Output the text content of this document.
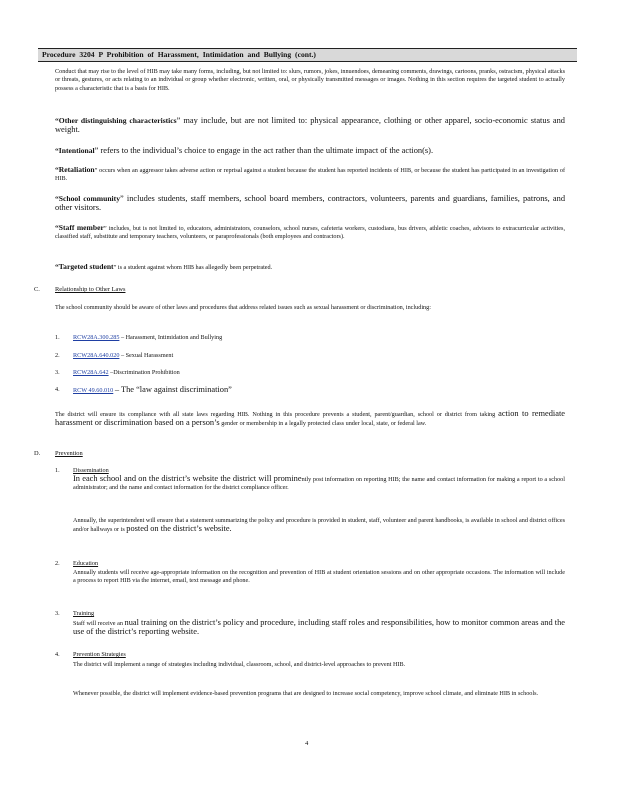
Procedure 3204 P Prohibition of Harassment, Intimidation and Bullying (cont.)

Conduct that may rise to the level of HIB may take many forms, including, but not limited to: slurs, rumors, jokes, innuendoes, demeaning comments, drawings, cartoons, pranks, ostracism, physical attacks or threats, gestures, or acts relating to an individual or group whether electronic, written, oral, or physically transmitted messages or images. Nothing in this section requires the targeted student to actually possess a characteristic that is a basis for HIB.

“Other distinguishing characteristics” may include, but are not limited to: physical appearance, clothing or other apparel, socio-economic status and weight.

“Intentional” refers to the individual’s choice to engage in the act rather than the ultimate impact of the action(s).

“Retaliation” occurs when an aggressor takes adverse action or reprisal against a student because the student has reported incidents of HIB, or because the student has participated in an investigation of HIB.

“School community” includes students, staff members, school board members, contractors, volunteers, parents and guardians, families, patrons, and other visitors.

“Staff member” includes, but is not limited to, educators, administrators, counselors, school nurses, cafeteria workers, custodians, bus drivers, athletic coaches, advisors to extracurricular activities, classified staff, substitute and temporary teachers, volunteers, or paraprofessionals (both employees and contractors).

“Targeted student” is a student against whom HIB has allegedly been perpetrated.

C. Relationship to Other Laws

The school community should be aware of other laws and procedures that address related issues such as sexual harassment or discrimination, including:

1. RCW28A.300.285 – Harassment, Intimidation and Bullying
2. RCW28A.640.020 – Sexual Harassment
3. RCW28A.642 –Discrimination Prohibition
4. RCW 49.60.010 – The “law against discrimination”

The district will ensure its compliance with all state laws regarding HIB. Nothing in this procedure prevents a student, parent/guardian, school or district from taking action to remediate harassment or discrimination based on a person’s gender or membership in a legally protected class under local, state, or federal law.

D. Prevention
1. Dissemination

In each school and on the district’s website the district will prominently post information on reporting HIB; the name and contact information for making a report to a school administrator; and the name and contact information for the district compliance officer.

Annually, the superintendent will ensure that a statement summarizing the policy and procedure is provided in student, staff, volunteer and parent handbooks, is available in school and district offices and/or hallways or is posted on the district’s website.

2. Education

Annually students will receive age-appropriate information on the recognition and prevention of HIB at student orientation sessions and on other appropriate occasions. The information will include a process to report HIB via the internet, email, text message and phone.

3. Training

Staff will receive an nual training on the district’s policy and procedure, including staff roles and responsibilities, how to monitor common areas and the use of the district’s reporting website.

4. Prevention Strategies

The district will implement a range of strategies including individual, classroom, school, and district-level approaches to prevent HIB.

Whenever possible, the district will implement evidence-based prevention programs that are designed to increase social competency, improve school climate, and eliminate HIB in schools.

4
